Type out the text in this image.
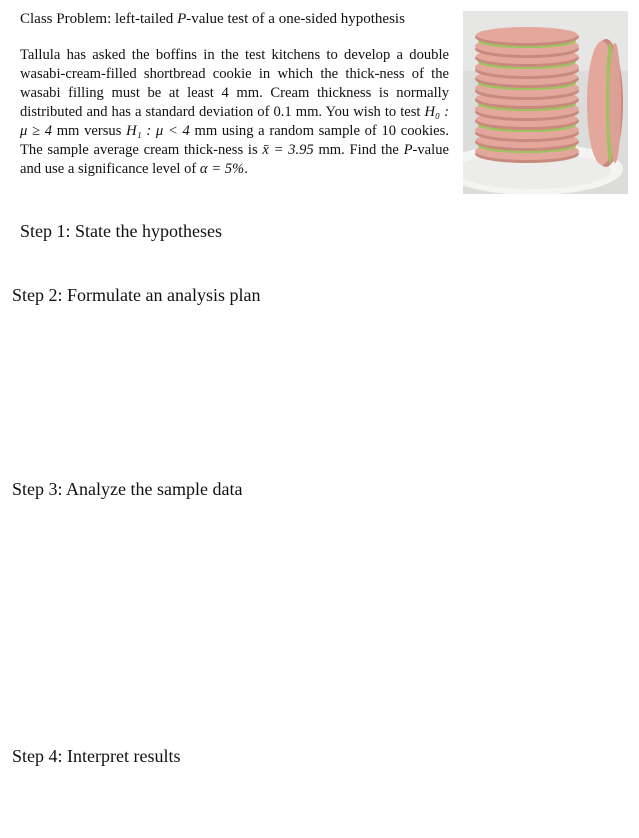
Class Problem: left-tailed P-value test of a one-sided hypothesis
Tallula has asked the boffins in the test kitchens to develop a double wasabi-cream-filled shortbread cookie in which the thick-ness of the wasabi filling must be at least 4 mm. Cream thickness is normally distributed and has a standard deviation of 0.1 mm. You wish to test H₀ : μ ≥ 4 mm versus H₁ : μ < 4 mm using a random sample of 10 cookies. The sample average cream thick-ness is x̄ = 3.95 mm. Find the P-value and use a significance level of α = 5%.
Step 1: State the hypotheses
Step 2: Formulate an analysis plan
Step 3: Analyze the sample data
Step 4: Interpret results
